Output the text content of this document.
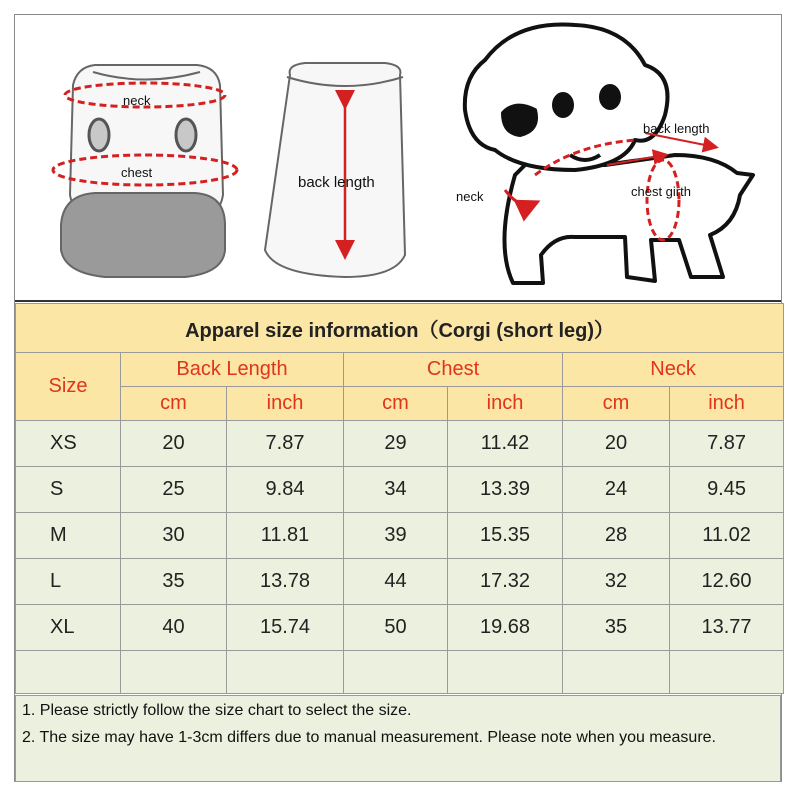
neck
chest
back length
back length
neck	chest girth
Apparel size information（Corgi (short leg)）						
Size	Back Length		Chest		Neck	
	cm	inch	cm	inch	cm	inch
XS	20	7.87	29	11.42	20	7.87
S	25	9.84	34	13.39	24	9.45
M	30	11.81	39	15.35	28	11.02
L	35	13.78	44	17.32	32	12.60
XL	40	15.74	50	19.68	35	13.77

1. Please strictly follow the size chart to select the size.

2. The size may have 1-3cm differs due to manual measurement. Please note when you measure.
